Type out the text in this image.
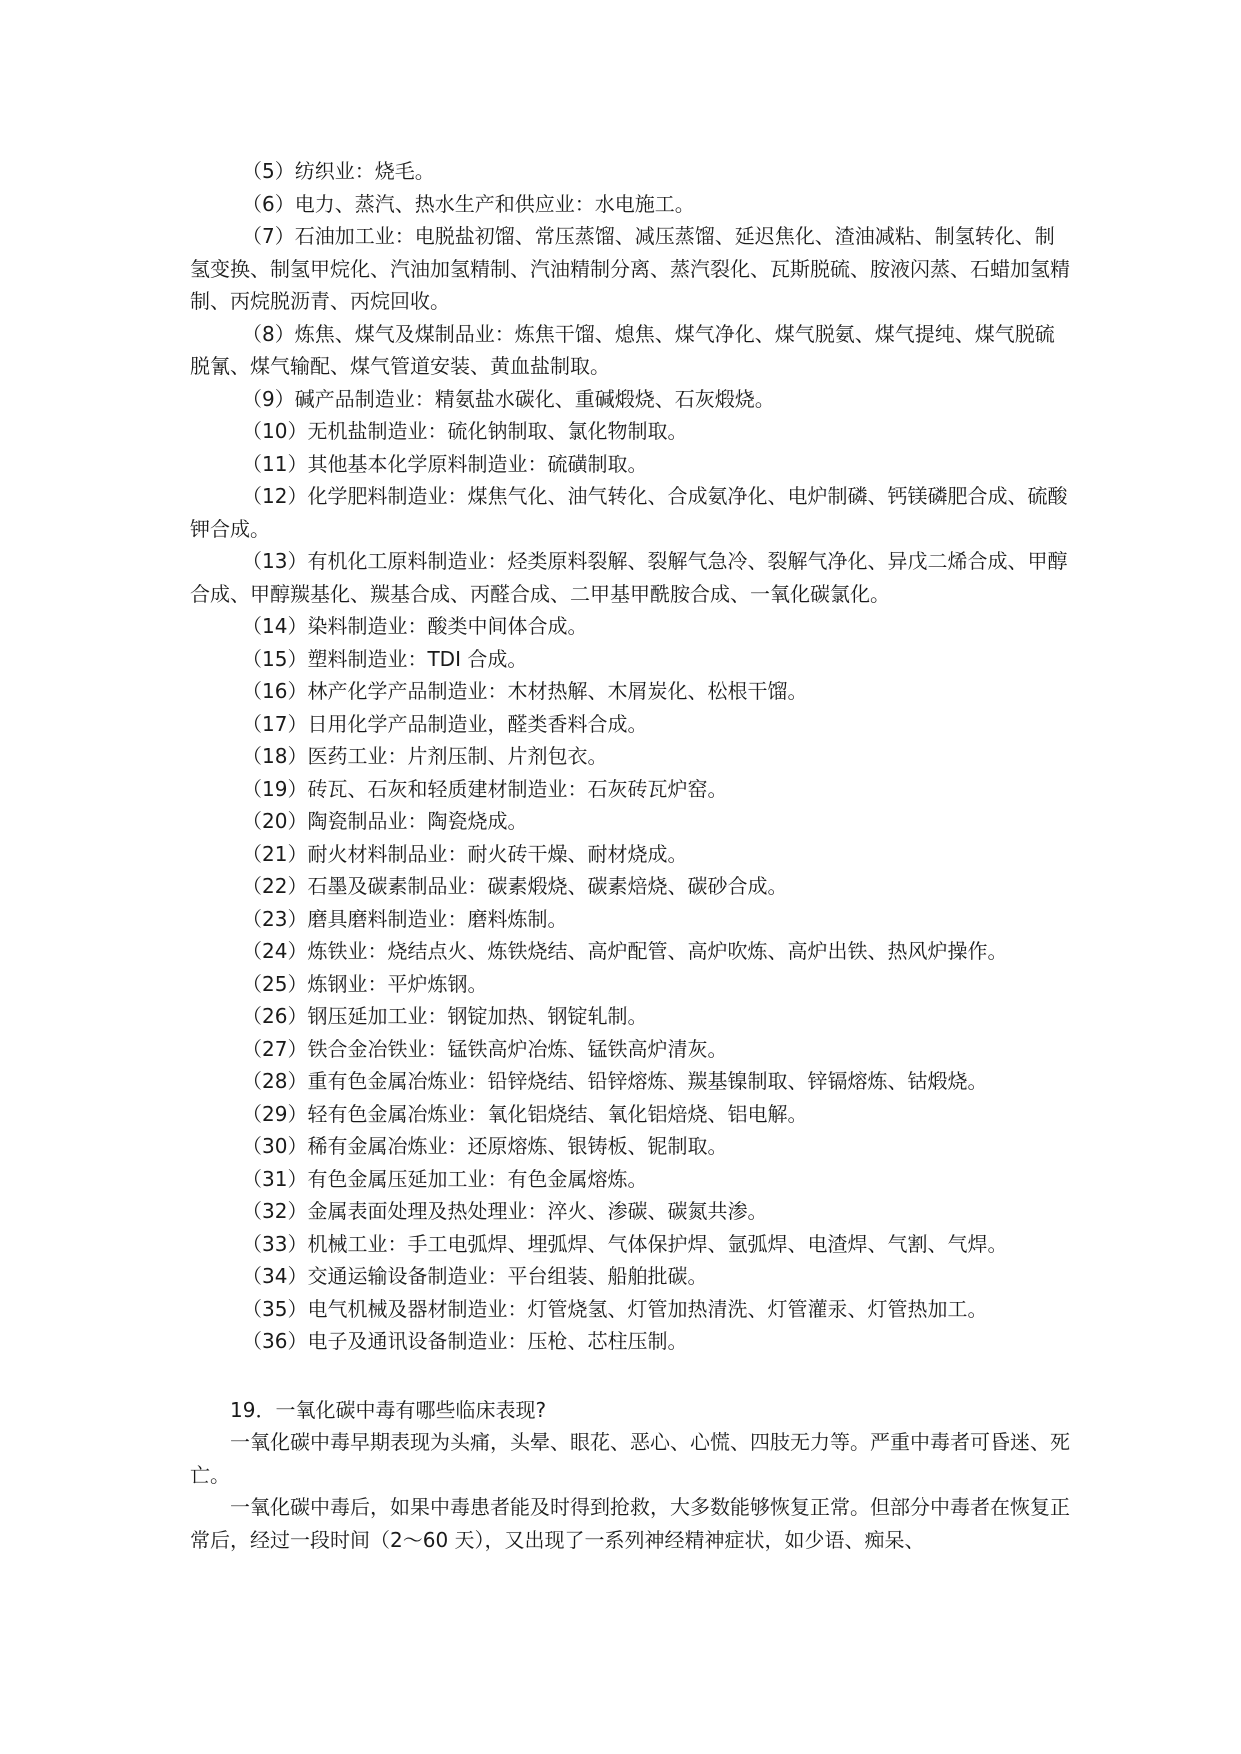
（5）纺织业：烧毛。

（6）电力、蒸汽、热水生产和供应业：水电施工。

（7）石油加工业：电脱盐初馏、常压蒸馏、减压蒸馏、延迟焦化、渣油减粘、制氢转化、制氢变换、制氢甲烷化、汽油加氢精制、汽油精制分离、蒸汽裂化、瓦斯脱硫、胺液闪蒸、石蜡加氢精制、丙烷脱沥青、丙烷回收。

（8）炼焦、煤气及煤制品业：炼焦干馏、熄焦、煤气净化、煤气脱氨、煤气提纯、煤气脱硫脱氰、煤气输配、煤气管道安装、黄血盐制取。

（9）碱产品制造业：精氨盐水碳化、重碱煅烧、石灰煅烧。

（10）无机盐制造业：硫化钠制取、氯化物制取。

（11）其他基本化学原料制造业：硫磺制取。

（12）化学肥料制造业：煤焦气化、油气转化、合成氨净化、电炉制磷、钙镁磷肥合成、硫酸钾合成。

（13）有机化工原料制造业：烃类原料裂解、裂解气急冷、裂解气净化、异戊二烯合成、甲醇合成、甲醇羰基化、羰基合成、丙醛合成、二甲基甲酰胺合成、一氧化碳氯化。

（14）染料制造业：酸类中间体合成。

（15）塑料制造业：TDI 合成。

（16）林产化学产品制造业：木材热解、木屑炭化、松根干馏。

（17）日用化学产品制造业，醛类香料合成。

（18）医药工业：片剂压制、片剂包衣。

（19）砖瓦、石灰和轻质建材制造业：石灰砖瓦炉窑。

（20）陶瓷制品业：陶瓷烧成。

（21）耐火材料制品业：耐火砖干燥、耐材烧成。

（22）石墨及碳素制品业：碳素煅烧、碳素焙烧、碳砂合成。

（23）磨具磨料制造业：磨料炼制。

（24）炼铁业：烧结点火、炼铁烧结、高炉配管、高炉吹炼、高炉出铁、热风炉操作。

（25）炼钢业：平炉炼钢。

（26）钢压延加工业：钢锭加热、钢锭轧制。

（27）铁合金冶铁业：锰铁高炉冶炼、锰铁高炉清灰。

（28）重有色金属冶炼业：铅锌烧结、铅锌熔炼、羰基镍制取、锌镉熔炼、钴煅烧。

（29）轻有色金属冶炼业：氧化铝烧结、氧化铝焙烧、铝电解。

（30）稀有金属冶炼业：还原熔炼、银铸板、铌制取。

（31）有色金属压延加工业：有色金属熔炼。

（32）金属表面处理及热处理业：淬火、渗碳、碳氮共渗。

（33）机械工业：手工电弧焊、埋弧焊、气体保护焊、氩弧焊、电渣焊、气割、气焊。

（34）交通运输设备制造业：平台组装、船舶批碳。

（35）电气机械及器材制造业：灯管烧氢、灯管加热清洗、灯管灌汞、灯管热加工。

（36）电子及通讯设备制造业：压枪、芯柱压制。

19．一氧化碳中毒有哪些临床表现?

一氧化碳中毒早期表现为头痛，头晕、眼花、恶心、心慌、四肢无力等。严重中毒者可昏迷、死亡。

一氧化碳中毒后，如果中毒患者能及时得到抢救，大多数能够恢复正常。但部分中毒者在恢复正常后，经过一段时间（2～60 天），又出现了一系列神经精神症状，如少语、痴呆、
